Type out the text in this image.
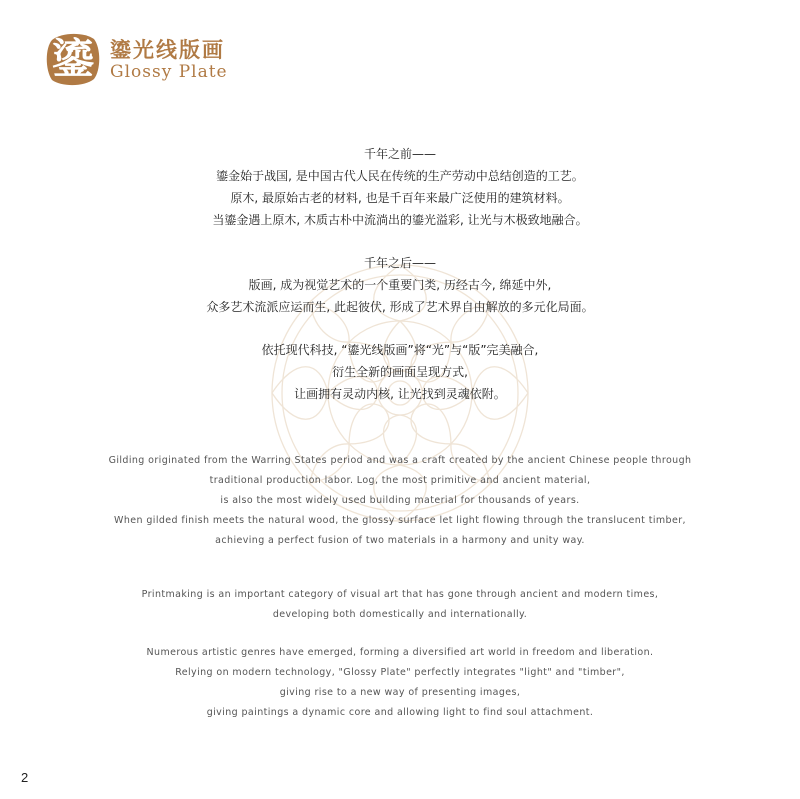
鎏 鎏光线版画
Glossy Plate
千年之前——
鎏金始于战国, 是中国古代人民在传统的生产劳动中总结创造的工艺。
原木, 最原始古老的材料, 也是千百年来最广泛使用的建筑材料。
当鎏金遇上原木, 木质古朴中流淌出的鎏光溢彩, 让光与木极致地融合。
千年之后——
版画, 成为视觉艺术的一个重要门类, 历经古今, 绵延中外,
众多艺术流派应运而生, 此起彼伏, 形成了艺术界自由解放的多元化局面。
依托现代科技, “鎏光线版画”将“光”与“版”完美融合,
衍生全新的画面呈现方式,
让画拥有灵动内核, 让光找到灵魂依附。
Gilding originated from the Warring States period and was a craft created by the ancient Chinese people through
traditional production labor. Log, the most primitive and ancient material,
is also the most widely used building material for thousands of years.
When gilded finish meets the natural wood, the glossy surface let light flowing through the translucent timber,
achieving a perfect fusion of two materials in a harmony and unity way.
Printmaking is an important category of visual art that has gone through ancient and modern times,
developing both domestically and internationally.
Numerous artistic genres have emerged, forming a diversified art world in freedom and liberation.
Relying on modern technology, "Glossy Plate" perfectly integrates "light" and "timber",
giving rise to a new way of presenting images,
giving paintings a dynamic core and allowing light to find soul attachment.
2
